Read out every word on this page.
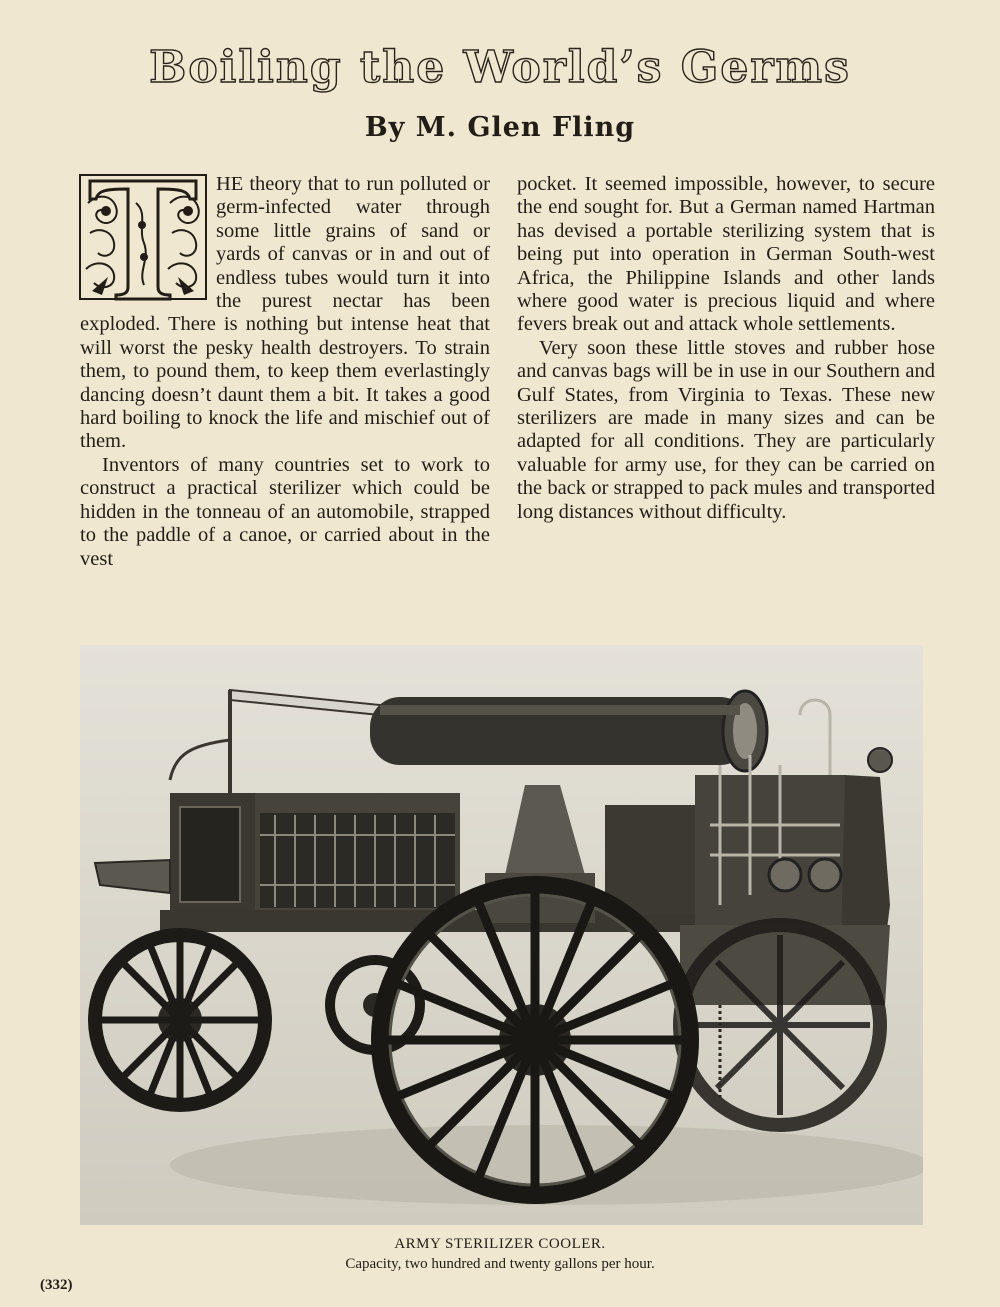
Boiling the World’s Germs
By M. Glen Fling

HE theory that to run polluted or germ-infected water through some little grains of sand or yards of canvas or in and out of endless tubes would turn it into the purest nectar has been exploded. There is nothing but intense heat that will worst the pesky health destroyers. To strain them, to pound them, to keep them everlastingly dancing doesn’t daunt them a bit. It takes a good hard boiling to knock the life and mischief out of them.

Inventors of many countries set to work to construct a practical sterilizer which could be hidden in the tonneau of an automobile, strapped to the paddle of a canoe, or carried about in the vest

pocket. It seemed impossible, however, to secure the end sought for. But a German named Hartman has devised a portable sterilizing system that is being put into operation in German South-west Africa, the Philippine Islands and other lands where good water is precious liquid and where fevers break out and attack whole settlements.

Very soon these little stoves and rubber hose and canvas bags will be in use in our Southern and Gulf States, from Virginia to Texas. These new sterilizers are made in many sizes and can be adapted for all conditions. They are particularly valuable for army use, for they can be carried on the back or strapped to pack mules and transported long distances without difficulty.

ARMY STERILIZER COOLER.
Capacity, two hundred and twenty gallons per hour.
(332)
